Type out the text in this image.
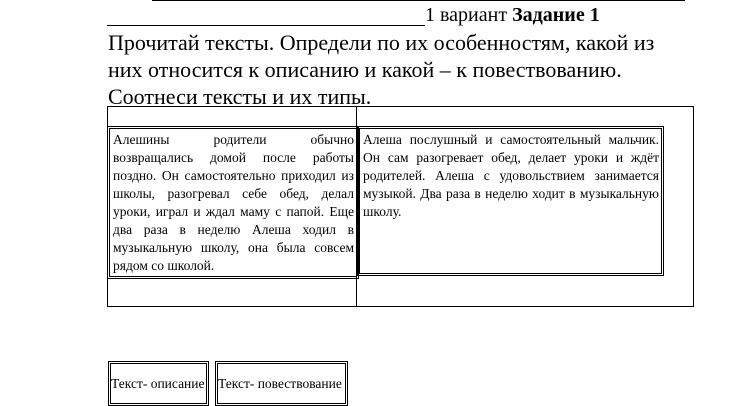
1 вариант
Задание 1

Прочитай тексты. Определи по их особенностям, какой из

них относится к описанию и какой – к повествованию.

Соотнеси тексты и их типы.

Алешины родители обычно возвращались домой после работы поздно. Он самостоятельно приходил из школы, разогревал себе обед, делал уроки, играл и ждал маму с папой. Еще два раза в неделю Алеша ходил в музыкальную школу, она была совсем рядом со школой.
Алеша послушный и самостоятельный мальчик. Он сам разогревает обед, делает уроки и ждёт родителей. Алеша с удовольствием занимается музыкой. Два раза в неделю ходит в музыкальную школу.
Текст- описание	Текст- повествование
